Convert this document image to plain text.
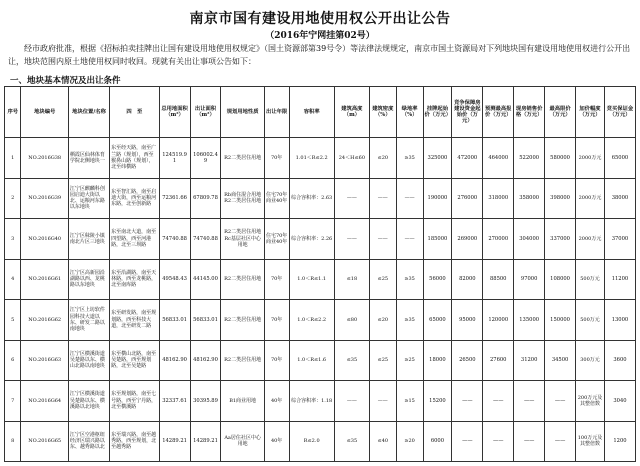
南京市国有建设用地使用权公开出让公告
（2016年宁网挂第02号）
经市政府批准，根据《招标拍卖挂牌出让国有建设用地使用权规定》（国土资源部第39号令）等法律法规规定，南京市国土资源局对下列地块国有建设用地使用权进行公开出让，地块范围内原土地使用权同时收回。现就有关出让事项公告如下：
一、地块基本情况及出让条件
序号	地块编号	地块位置/名称	四　至	总用地面积（m²）	出让面积（m²）	规划用地性质	出让年限	容积率	建筑高度（m）	建筑密度（%）	绿地率（%）	挂牌起始价（万元）	竞争保障房建设资金起始价（万元）	预测最高报价（万元）	现房销售价格（万元）	最高限价（万元）	加价幅度（万元）	竞买保证金（万元）
1	NO.2016G38	栖霞区仙林体育学院北侧地块一	东至经天路，南至广兰路（规划），西至猴鼻山路（规划），北至纬横路	124519.91	106002.49	R2二类居住用地	70年	1.01＜R≤2.2	24＜H≤60	≤20	≥35	325000	472000	464000	522000	580000	2000万元	65000
2	NO.2016G39	江宁区麒麟科创园启迪大街以北、运粮河东路以东地块	东至智汇路，南至启迪大街，西至运粮河东路，北至创新路	72361.66	67809.78	Rb商住混合用地R2二类居住用地	住宅70年商业40年	综合容积率：2.63	——	——	——	190000	276000	318000	358000	398000	2000万元	38000
3	NO.2016G40	江宁区秣陵小镇南北片区三地块	东至南北大道，南至四望路，西至河港路，北至三坝路	74740.88	74740.88	R2二类居住用地Rc基层社区中心用地	住宅70年商业40年	综合容积率：2.26	——	——	——	185000	269000	270000	304000	337000	2000万元	37000
4	NO.2016G61	江宁区高新园沿湖路以西、龙桃路以东地块	东至沿湖路，南至天林路，西至龙桃路，北至南库路	49548.43	44145.00	R2二类居住用地	70年	1.0＜R≤1.1	≤18	≤25	≥35	56000	82000	88500	97000	108000	500万元	11200
5	NO.2016G62	江宁区上坊软件园科技大道以东、研发二路以南地块	东至研发路，南至规划路，西至科技大道，北至研发二路	56833.01	56833.01	R2二类居住用地	70年	1.0＜R≤2.2	≤80	≤20	≥35	65000	95000	120000	135000	150000	500万元	13000
6	NO.2016G63	江宁区横溪街道吴楚路以东、横山北路以南地块	东至横山北路，南至吴楚路，西至规划路，北至吴楚路	48162.90	48162.90	R2二类居住用地	70年	1.0＜R≤1.6	≤35	≤25	≥25	18000	26500	27600	31200	34500	300万元	3600
7	NO.2016G64	江宁区横溪街道吴楚路以东、横溪路以北地块	东至规划路，南至七号路，西至宁丹路，北至横溪路	32337.61	30395.89	B1商业用地	40年	综合容积率：1.18	——	——	≥15	15200	——	——	——	——	200万元及其整倍数	3040
8	NO.2016G65	江宁区空港枢纽经济区瑞兴路以东、越秀路以北	东至瑞兴路，南至越秀路，西至规划，北至越秀路	14289.21	14289.21	Aa居住社区中心用地	40年	R≤2.0	≤35	≤40	≥20	6000	——	——	——	——	100万元及其整倍数	1200
